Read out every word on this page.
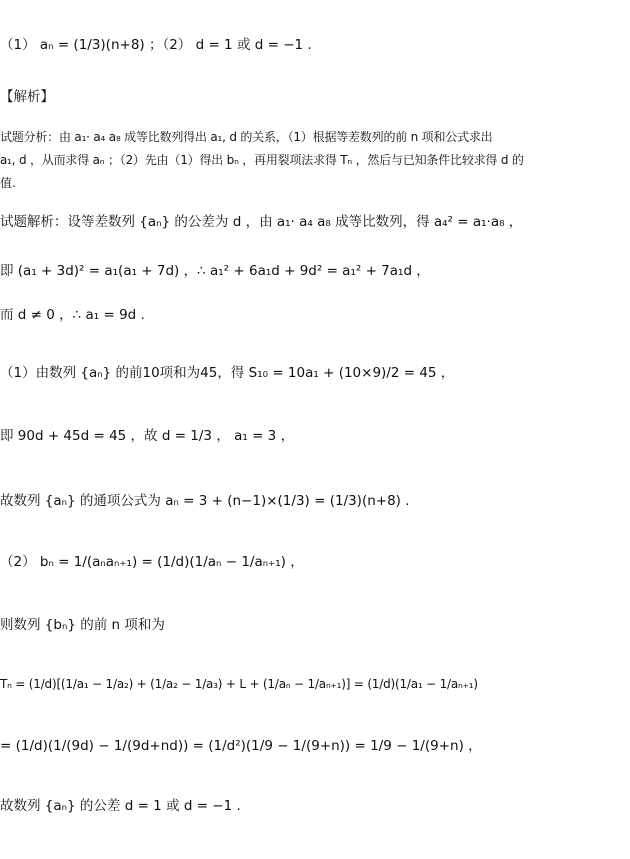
（1） aₙ = (1/3)(n+8) ；（2） d = 1 或 d = −1 .
【解析】
试题分析：由 a₁· a₄ a₈ 成等比数列得出 a₁, d 的关系，（1）根据等差数列的前 n 项和公式求出
a₁, d ，从而求得 aₙ ；（2）先由（1）得出 bₙ ，再用裂项法求得 Tₙ ，然后与已知条件比较求得 d 的
值.
试题解析：设等差数列 {aₙ} 的公差为 d ，由 a₁· a₄ a₈ 成等比数列，得 a₄² = a₁·a₈ ，
即 (a₁ + 3d)² = a₁(a₁ + 7d) ，∴ a₁² + 6a₁d + 9d² = a₁² + 7a₁d ，
而 d ≠ 0 ，∴ a₁ = 9d .
（1）由数列 {aₙ} 的前10项和为45，得 S₁₀ = 10a₁ + (10×9)/2 = 45 ，
即 90d + 45d = 45 ，故 d = 1/3 ， a₁ = 3 ，
故数列 {aₙ} 的通项公式为 aₙ = 3 + (n−1)×(1/3) = (1/3)(n+8) .
（2） bₙ = 1/(aₙaₙ₊₁) = (1/d)(1/aₙ − 1/aₙ₊₁) ，
则数列 {bₙ} 的前 n 项和为
Tₙ = (1/d)[(1/a₁ − 1/a₂) + (1/a₂ − 1/a₃) + L + (1/aₙ − 1/aₙ₊₁)] = (1/d)(1/a₁ − 1/aₙ₊₁)
= (1/d)(1/(9d) − 1/(9d+nd)) = (1/d²)(1/9 − 1/(9+n)) = 1/9 − 1/(9+n) ，
故数列 {aₙ} 的公差 d = 1 或 d = −1 .
